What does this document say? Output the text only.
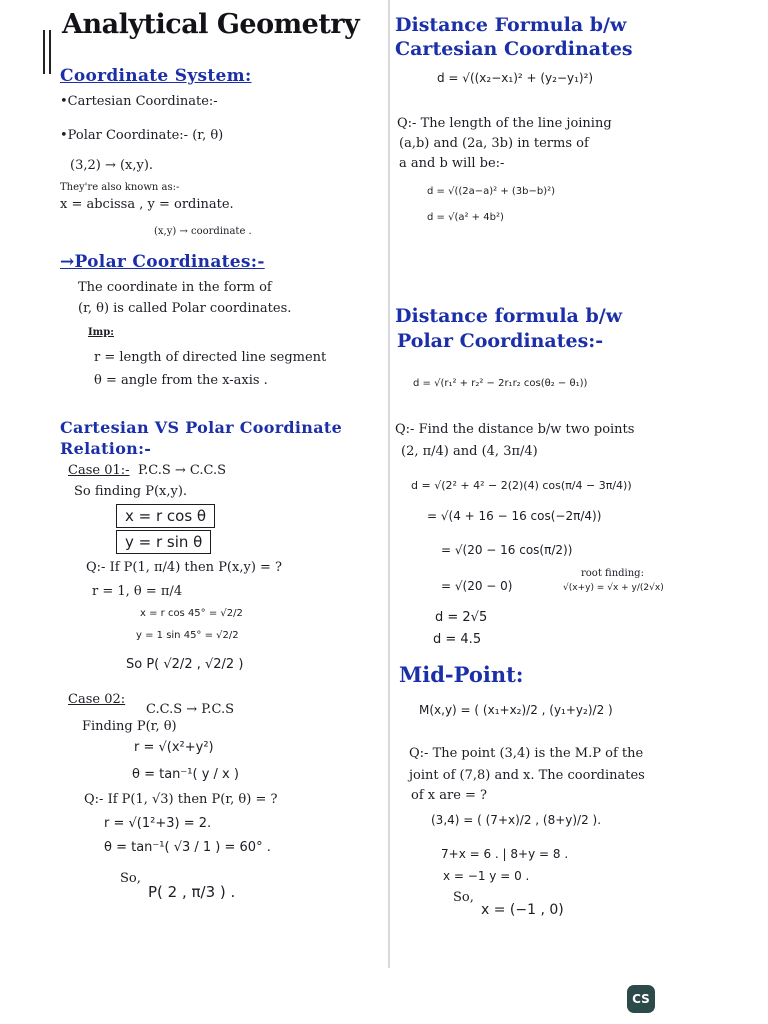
Analytical Geometry
Coordinate System:
•Cartesian Coordinate:-
•Polar Coordinate:- (r, θ)
(3,2) → (x,y).
They're also known as:-
x = abcissa , y = ordinate.
(x,y) → coordinate .
→Polar Coordinates:-
The coordinate in the form of
(r, θ) is called Polar coordinates.
Imp:
r = length of directed line segment
θ = angle from the x-axis .
Cartesian VS Polar Coordinate
Relation:-
Case 01:- P.C.S → C.C.S
So finding P(x,y).
x = r cos θ
y = r sin θ
Q:- If P(1, π/4) then P(x,y) = ?
r = 1, θ = π/4
x = r cos 45° = √2/2
y = 1 sin 45° = √2/2
So P( √2/2 , √2/2 )
Case 02:
C.C.S → P.C.S
Finding P(r, θ)
r = √(x²+y²)
θ = tan⁻¹( y / x )
Q:- If P(1, √3) then P(r, θ) = ?
r = √(1²+3) = 2.
θ = tan⁻¹( √3 / 1 ) = 60° .
So,
P( 2 , π/3 ) .
Distance Formula b/w
Cartesian Coordinates
d = √((x₂−x₁)² + (y₂−y₁)²)
Q:- The length of the line joining
(a,b) and (2a, 3b) in terms of
a and b will be:-
d = √((2a−a)² + (3b−b)²)
d = √(a² + 4b²)
Distance formula b/w
Polar Coordinates:-
d = √(r₁² + r₂² − 2r₁r₂ cos(θ₂ − θ₁))
Q:- Find the distance b/w two points
(2, π/4) and (4, 3π/4)
d = √(2² + 4² − 2(2)(4) cos(π/4 − 3π/4))
= √(4 + 16 − 16 cos(−2π/4))
= √(20 − 16 cos(π/2))
= √(20 − 0)
d = 2√5
d = 4.5
root finding:
√(x+y) = √x + y/(2√x)
Mid-Point:
M(x,y) = ( (x₁+x₂)/2 , (y₁+y₂)/2 )
Q:- The point (3,4) is the M.P of the
joint of (7,8) and x. The coordinates
of x are = ?
(3,4) = ( (7+x)/2 , (8+y)/2 ).
7+x = 6 . | 8+y = 8 .
x = −1 y = 0 .
So,
x = (−1 , 0)
CS
